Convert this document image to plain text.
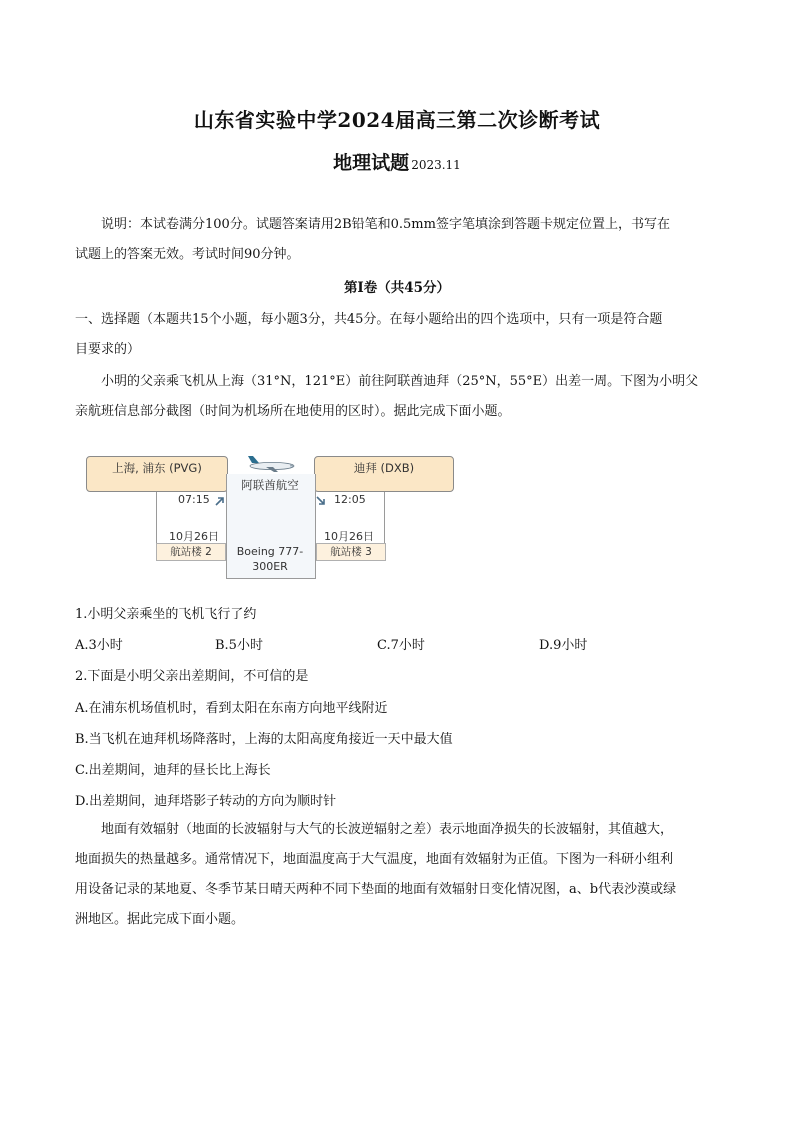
山东省实验中学2024届高三第二次诊断考试
地理试题 2023.11
说明：本试卷满分100分。试题答案请用2B铅笔和0.5mm签字笔填涂到答题卡规定位置上，书写在
试题上的答案无效。考试时间90分钟。
第Ⅰ卷（共45分）
一、选择题（本题共15个小题，每小题3分，共45分。在每小题给出的四个选项中，只有一项是符合题
目要求的）
小明的父亲乘飞机从上海（31°N，121°E）前往阿联酋迪拜（25°N，55°E）出差一周。下图为小明父
亲航班信息部分截图（时间为机场所在地使用的区时）。据此完成下面小题。
上海, 浦东 (PVG)	迪拜 (DXB)
阿联酋航空
07:15	12:05
10月26日	10月26日
航站楼 2	航站楼 3
Boeing 777-
300ER
1.小明父亲乘坐的飞机飞行了约
A.3小时	B.5小时	C.7小时	D.9小时
2.下面是小明父亲出差期间，不可信的是
A.在浦东机场值机时，看到太阳在东南方向地平线附近
B.当飞机在迪拜机场降落时，上海的太阳高度角接近一天中最大值
C.出差期间，迪拜的昼长比上海长
D.出差期间，迪拜塔影子转动的方向为顺时针
地面有效辐射（地面的长波辐射与大气的长波逆辐射之差）表示地面净损失的长波辐射，其值越大，
地面损失的热量越多。通常情况下，地面温度高于大气温度，地面有效辐射为正值。下图为一科研小组利
用设备记录的某地夏、冬季节某日晴天两种不同下垫面的地面有效辐射日变化情况图，a、b代表沙漠或绿
洲地区。据此完成下面小题。
